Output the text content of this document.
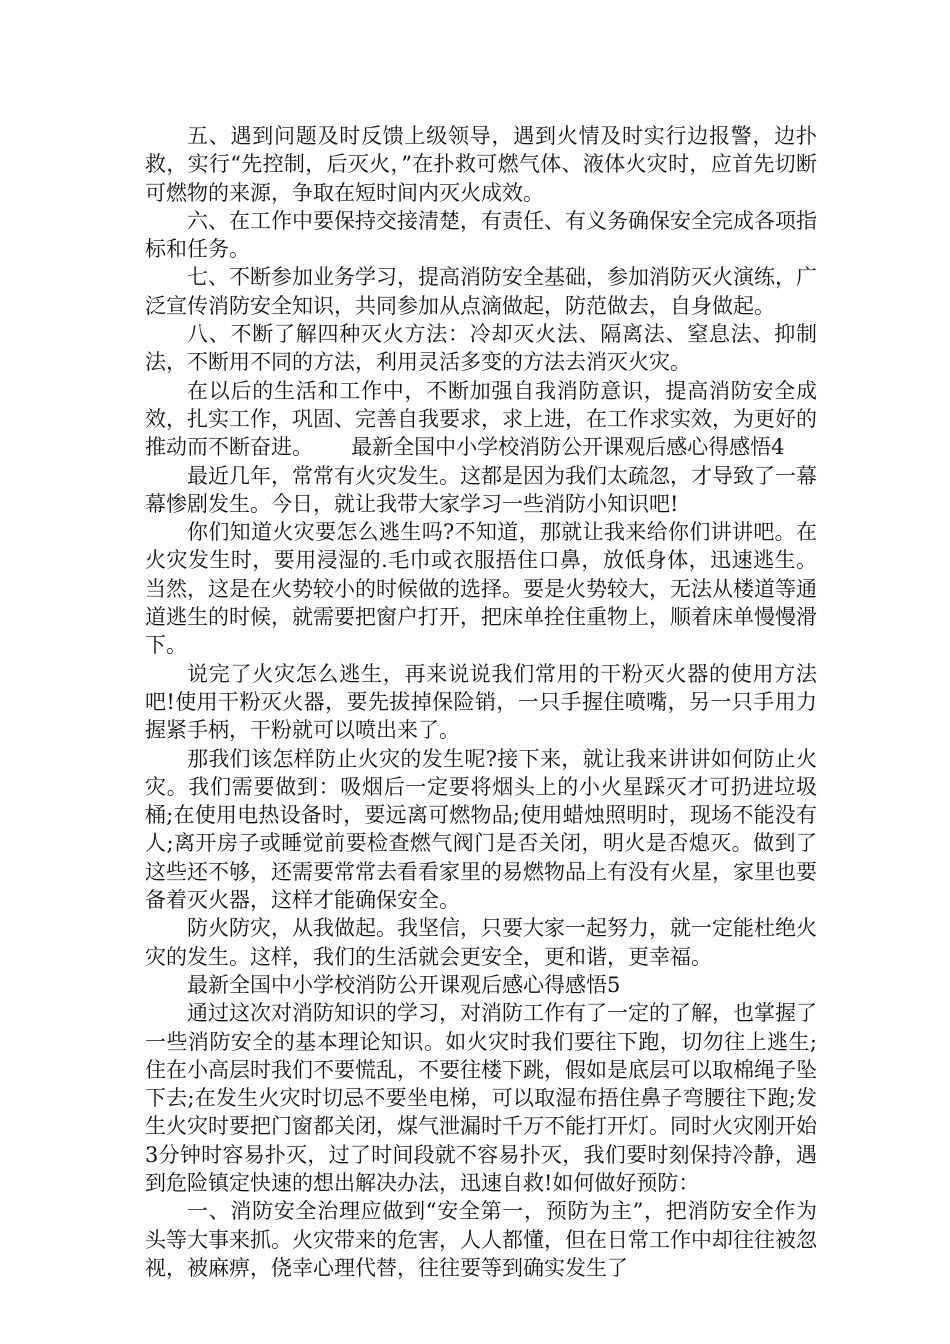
五、遇到问题及时反馈上级领导，遇到火情及时实行边报警，边扑救，实行“先控制，后灭火，”在扑救可燃气体、液体火灾时，应首先切断可燃物的来源，争取在短时间内灭火成效。

六、在工作中要保持交接清楚，有责任、有义务确保安全完成各项指标和任务。

七、不断参加业务学习，提高消防安全基础，参加消防灭火演练，广泛宣传消防安全知识，共同参加从点滴做起，防范做去，自身做起。

八、不断了解四种灭火方法：冷却灭火法、隔离法、窒息法、抑制法，不断用不同的方法，利用灵活多变的方法去消灭火灾。

在以后的生活和工作中，不断加强自我消防意识，提高消防安全成效，扎实工作，巩固、完善自我要求，求上进，在工作求实效，为更好的推动而不断奋进。　　 最新全国中小学校消防公开课观后感心得感悟4

最近几年，常常有火灾发生。这都是因为我们太疏忽，才导致了一幕幕惨剧发生。今日，就让我带大家学习一些消防小知识吧!

你们知道火灾要怎么逃生吗?不知道，那就让我来给你们讲讲吧。在火灾发生时，要用浸湿的.毛巾或衣服捂住口鼻，放低身体，迅速逃生。当然，这是在火势较小的时候做的选择。要是火势较大，无法从楼道等通道逃生的时候，就需要把窗户打开，把床单拴住重物上，顺着床单慢慢滑下。

说完了火灾怎么逃生，再来说说我们常用的干粉灭火器的使用方法吧!使用干粉灭火器，要先拔掉保险销，一只手握住喷嘴，另一只手用力握紧手柄，干粉就可以喷出来了。

那我们该怎样防止火灾的发生呢?接下来，就让我来讲讲如何防止火灾。我们需要做到：吸烟后一定要将烟头上的小火星踩灭才可扔进垃圾桶;在使用电热设备时，要远离可燃物品;使用蜡烛照明时，现场不能没有人;离开房子或睡觉前要检查燃气阀门是否关闭，明火是否熄灭。做到了这些还不够，还需要常常去看看家里的易燃物品上有没有火星，家里也要备着灭火器，这样才能确保安全。

防火防灾，从我做起。我坚信，只要大家一起努力，就一定能杜绝火灾的发生。这样，我们的生活就会更安全，更和谐，更幸福。

最新全国中小学校消防公开课观后感心得感悟5

通过这次对消防知识的学习，对消防工作有了一定的了解，也掌握了一些消防安全的基本理论知识。如火灾时我们要往下跑，切勿往上逃生;住在小高层时我们不要慌乱，不要往楼下跳，假如是底层可以取棉绳子坠下去;在发生火灾时切忌不要坐电梯，可以取湿布捂住鼻子弯腰往下跑;发生火灾时要把门窗都关闭，煤气泄漏时千万不能打开灯。同时火灾刚开始3分钟时容易扑灭，过了时间段就不容易扑灭，我们要时刻保持冷静，遇到危险镇定快速的想出解决办法，迅速自救!如何做好预防：

一、消防安全治理应做到“安全第一，预防为主”，把消防安全作为头等大事来抓。火灾带来的危害，人人都懂，但在日常工作中却往往被忽视，被麻痹，侥幸心理代替，往往要等到确实发生了
